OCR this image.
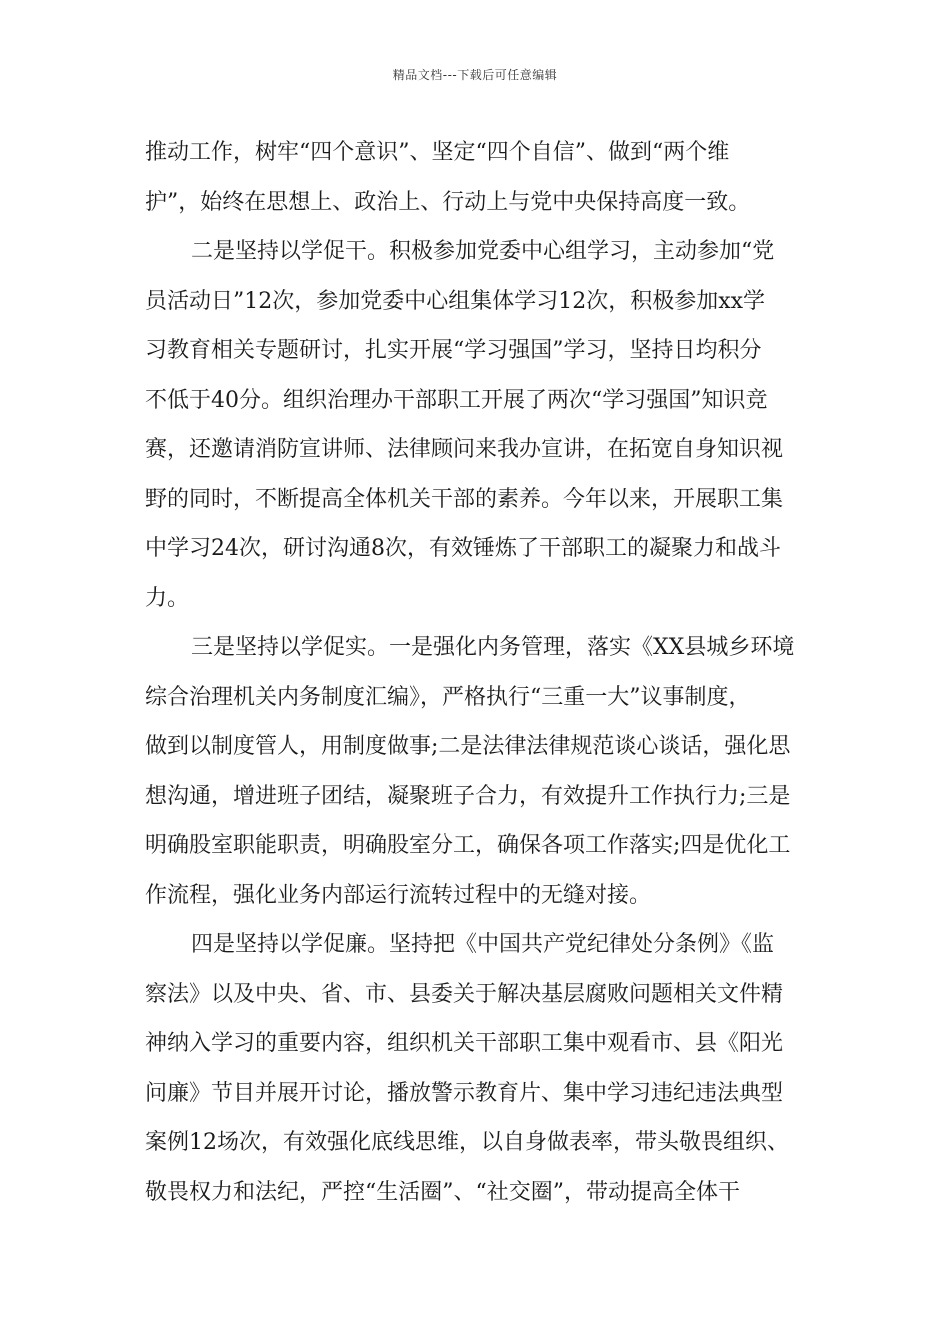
精品文档---下载后可任意编辑
推动工作，树牢“四个意识”、坚定“四个自信”、做到“两个维
护”，始终在思想上、政治上、行动上与党中央保持高度一致。
二是坚持以学促干。积极参加党委中心组学习，主动参加“党
员活动日”12次，参加党委中心组集体学习12次，积极参加xx学
习教育相关专题研讨，扎实开展“学习强国”学习，坚持日均积分
不低于40分。组织治理办干部职工开展了两次“学习强国”知识竞
赛，还邀请消防宣讲师、法律顾问来我办宣讲，在拓宽自身知识视
野的同时，不断提高全体机关干部的素养。今年以来，开展职工集
中学习24次，研讨沟通8次，有效锤炼了干部职工的凝聚力和战斗
力。
三是坚持以学促实。一是强化内务管理，落实《XX县城乡环境
综合治理机关内务制度汇编》，严格执行“三重一大”议事制度，
做到以制度管人，用制度做事;二是法律法律规范谈心谈话，强化思
想沟通，增进班子团结，凝聚班子合力，有效提升工作执行力;三是
明确股室职能职责，明确股室分工，确保各项工作落实;四是优化工
作流程，强化业务内部运行流转过程中的无缝对接。
四是坚持以学促廉。坚持把《中国共产党纪律处分条例》《监
察法》以及中央、省、市、县委关于解决基层腐败问题相关文件精
神纳入学习的重要内容，组织机关干部职工集中观看市、县《阳光
问廉》节目并展开讨论，播放警示教育片、集中学习违纪违法典型
案例12场次，有效强化底线思维，以自身做表率，带头敬畏组织、
敬畏权力和法纪，严控“生活圈”、“社交圈”，带动提高全体干
